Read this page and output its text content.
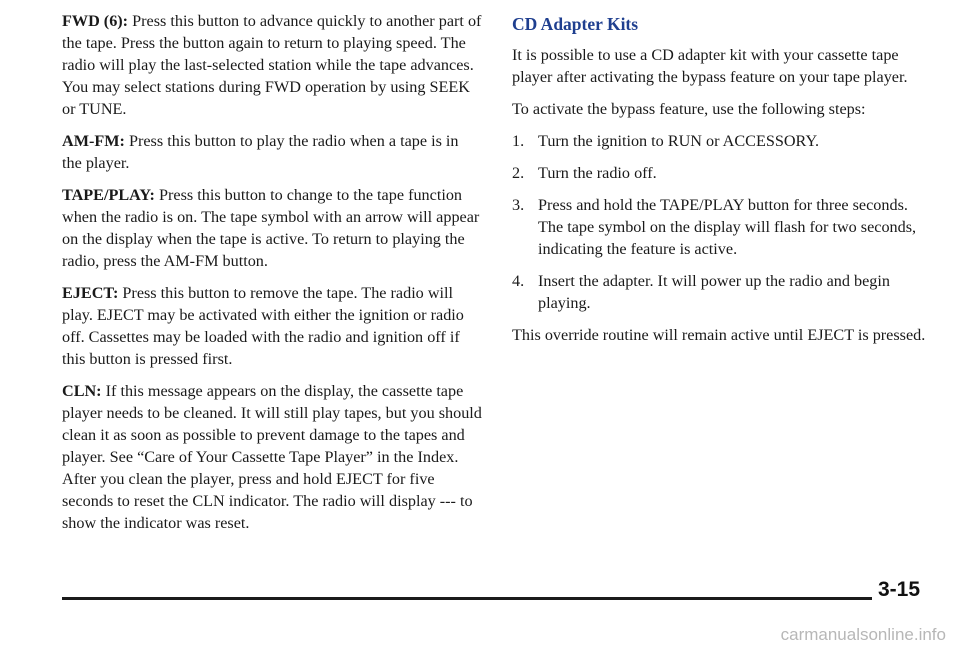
FWD (6): Press this button to advance quickly to another part of the tape. Press the button again to return to playing speed. The radio will play the last-selected station while the tape advances. You may select stations during FWD operation by using SEEK or TUNE.

AM-FM: Press this button to play the radio when a tape is in the player.

TAPE/PLAY: Press this button to change to the tape function when the radio is on. The tape symbol with an arrow will appear on the display when the tape is active. To return to playing the radio, press the AM-FM button.

EJECT: Press this button to remove the tape. The radio will play. EJECT may be activated with either the ignition or radio off. Cassettes may be loaded with the radio and ignition off if this button is pressed first.

CLN: If this message appears on the display, the cassette tape player needs to be cleaned. It will still play tapes, but you should clean it as soon as possible to prevent damage to the tapes and player. See “Care of Your Cassette Tape Player” in the Index. After you clean the player, press and hold EJECT for five seconds to reset the CLN indicator. The radio will display --- to show the indicator was reset.

CD Adapter Kits

It is possible to use a CD adapter kit with your cassette tape player after activating the bypass feature on your tape player.

To activate the bypass feature, use the following steps:

1. Turn the ignition to RUN or ACCESSORY.
2. Turn the radio off.
3. Press and hold the TAPE/PLAY button for three seconds. The tape symbol on the display will flash for two seconds, indicating the feature is active.
4. Insert the adapter. It will power up the radio and begin playing.

This override routine will remain active until EJECT is pressed.

3-15
carmanualsonline.info
